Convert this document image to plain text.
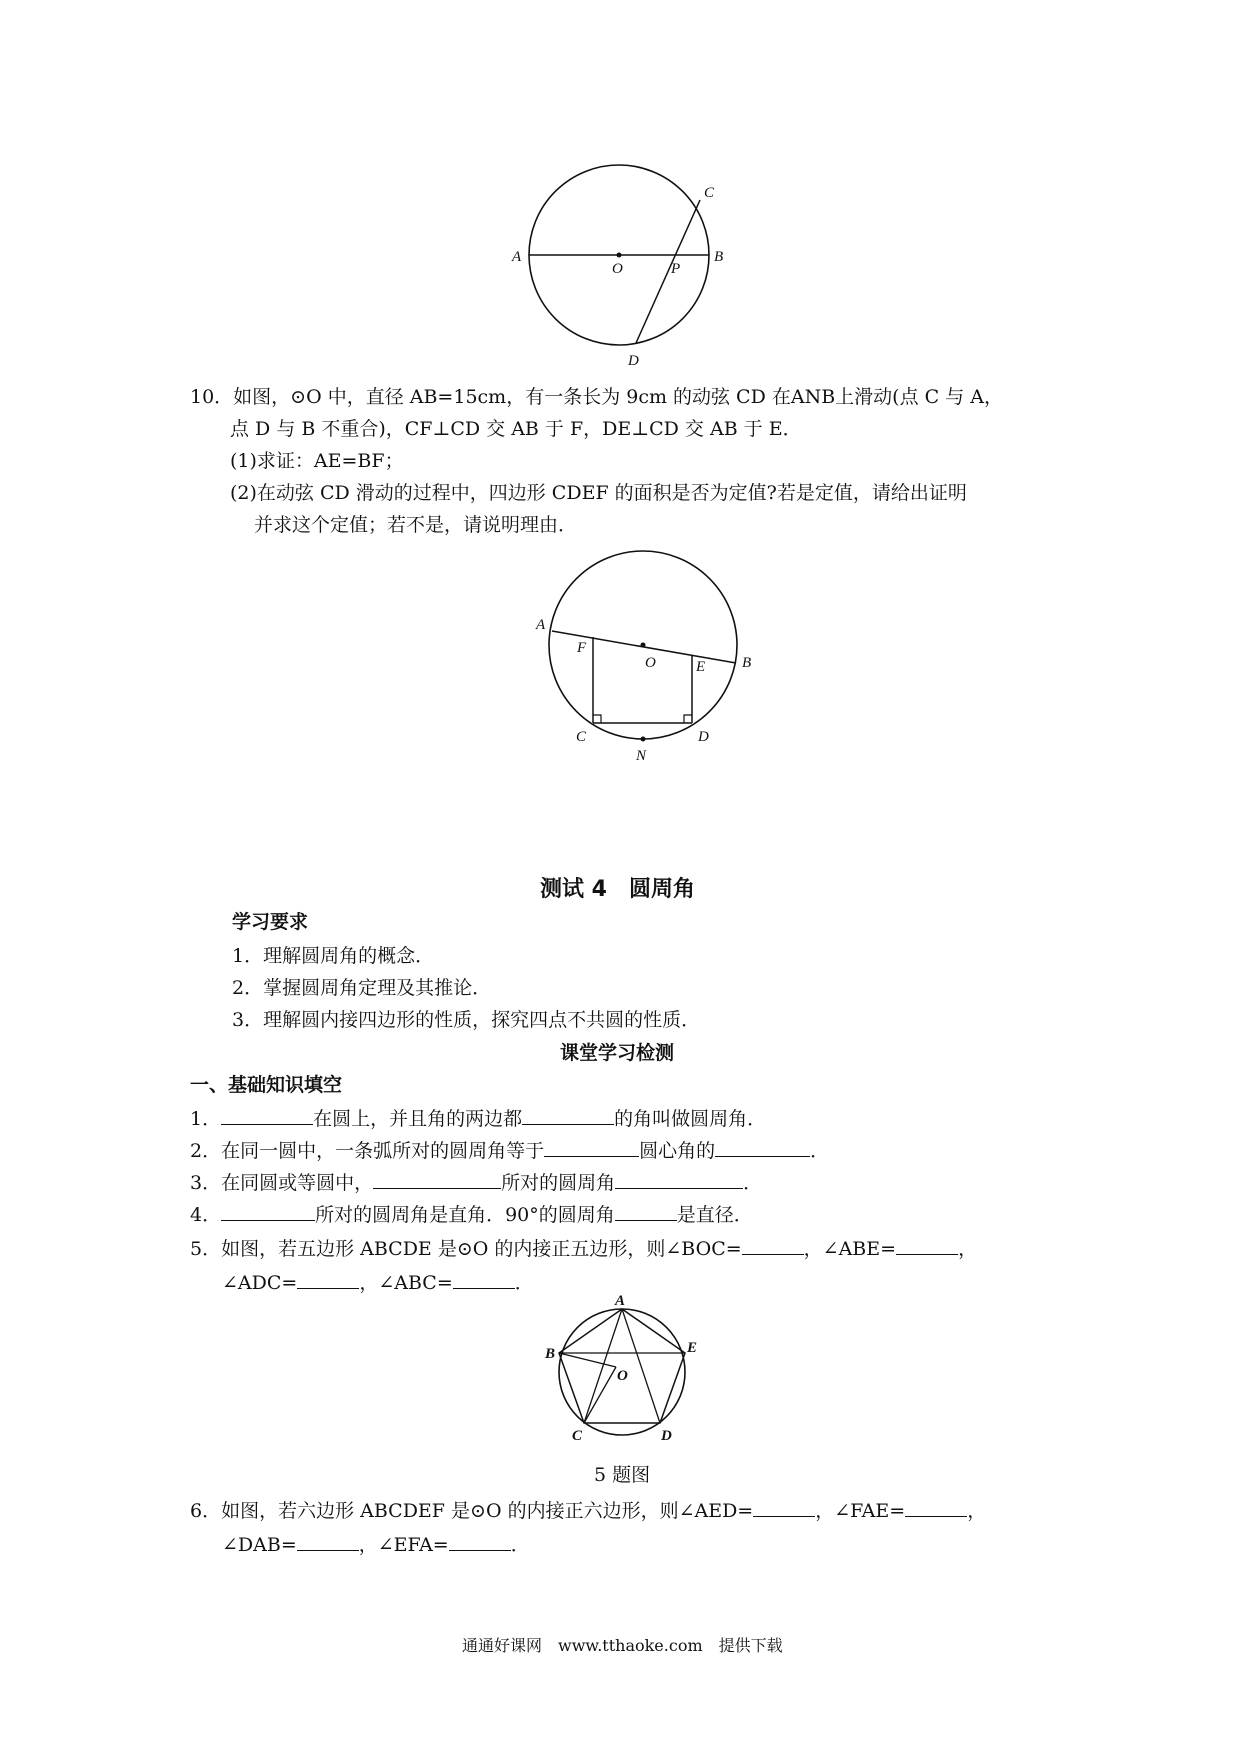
A	B
C
D
O	P
10．如图，⊙O 中，直径 AB=15cm，有一条长为 9cm 的动弦 CD 在ANB上滑动(点 C 与 A，
点 D 与 B 不重合)，CF⊥CD 交 AB 于 F，DE⊥CD 交 AB 于 E．
(1)求证：AE=BF；
(2)在动弦 CD 滑动的过程中，四边形 CDEF 的面积是否为定值?若是定值，请给出证明
并求这个定值；若不是，请说明理由．
A
B
F
E
O
C	D
N
测试 4　圆周角
学习要求
1．理解圆周角的概念．
2．掌握圆周角定理及其推论．
3．理解圆内接四边形的性质，探究四点不共圆的性质．
课堂学习检测
一、基础知识填空
1．	在圆上，并且角的两边都	的角叫做圆周角．
2．在同一圆中，一条弧所对的圆周角等于	圆心角的	．
3．在同圆或等圆中，	所对的圆周角	．
4．	所对的圆周角是直角．90°的圆周角	是直径．
5．如图，若五边形 ABCDE 是⊙O 的内接正五边形，则∠BOC=	，∠ABE=	，
∠ADC=	，∠ABC=	．
A
B	E
C	D
O
5 题图
6．如图，若六边形 ABCDEF 是⊙O 的内接正六边形，则∠AED=	，∠FAE=	，
∠DAB=	，∠EFA=	．
通通好课网　www.tthaoke.com　提供下载
